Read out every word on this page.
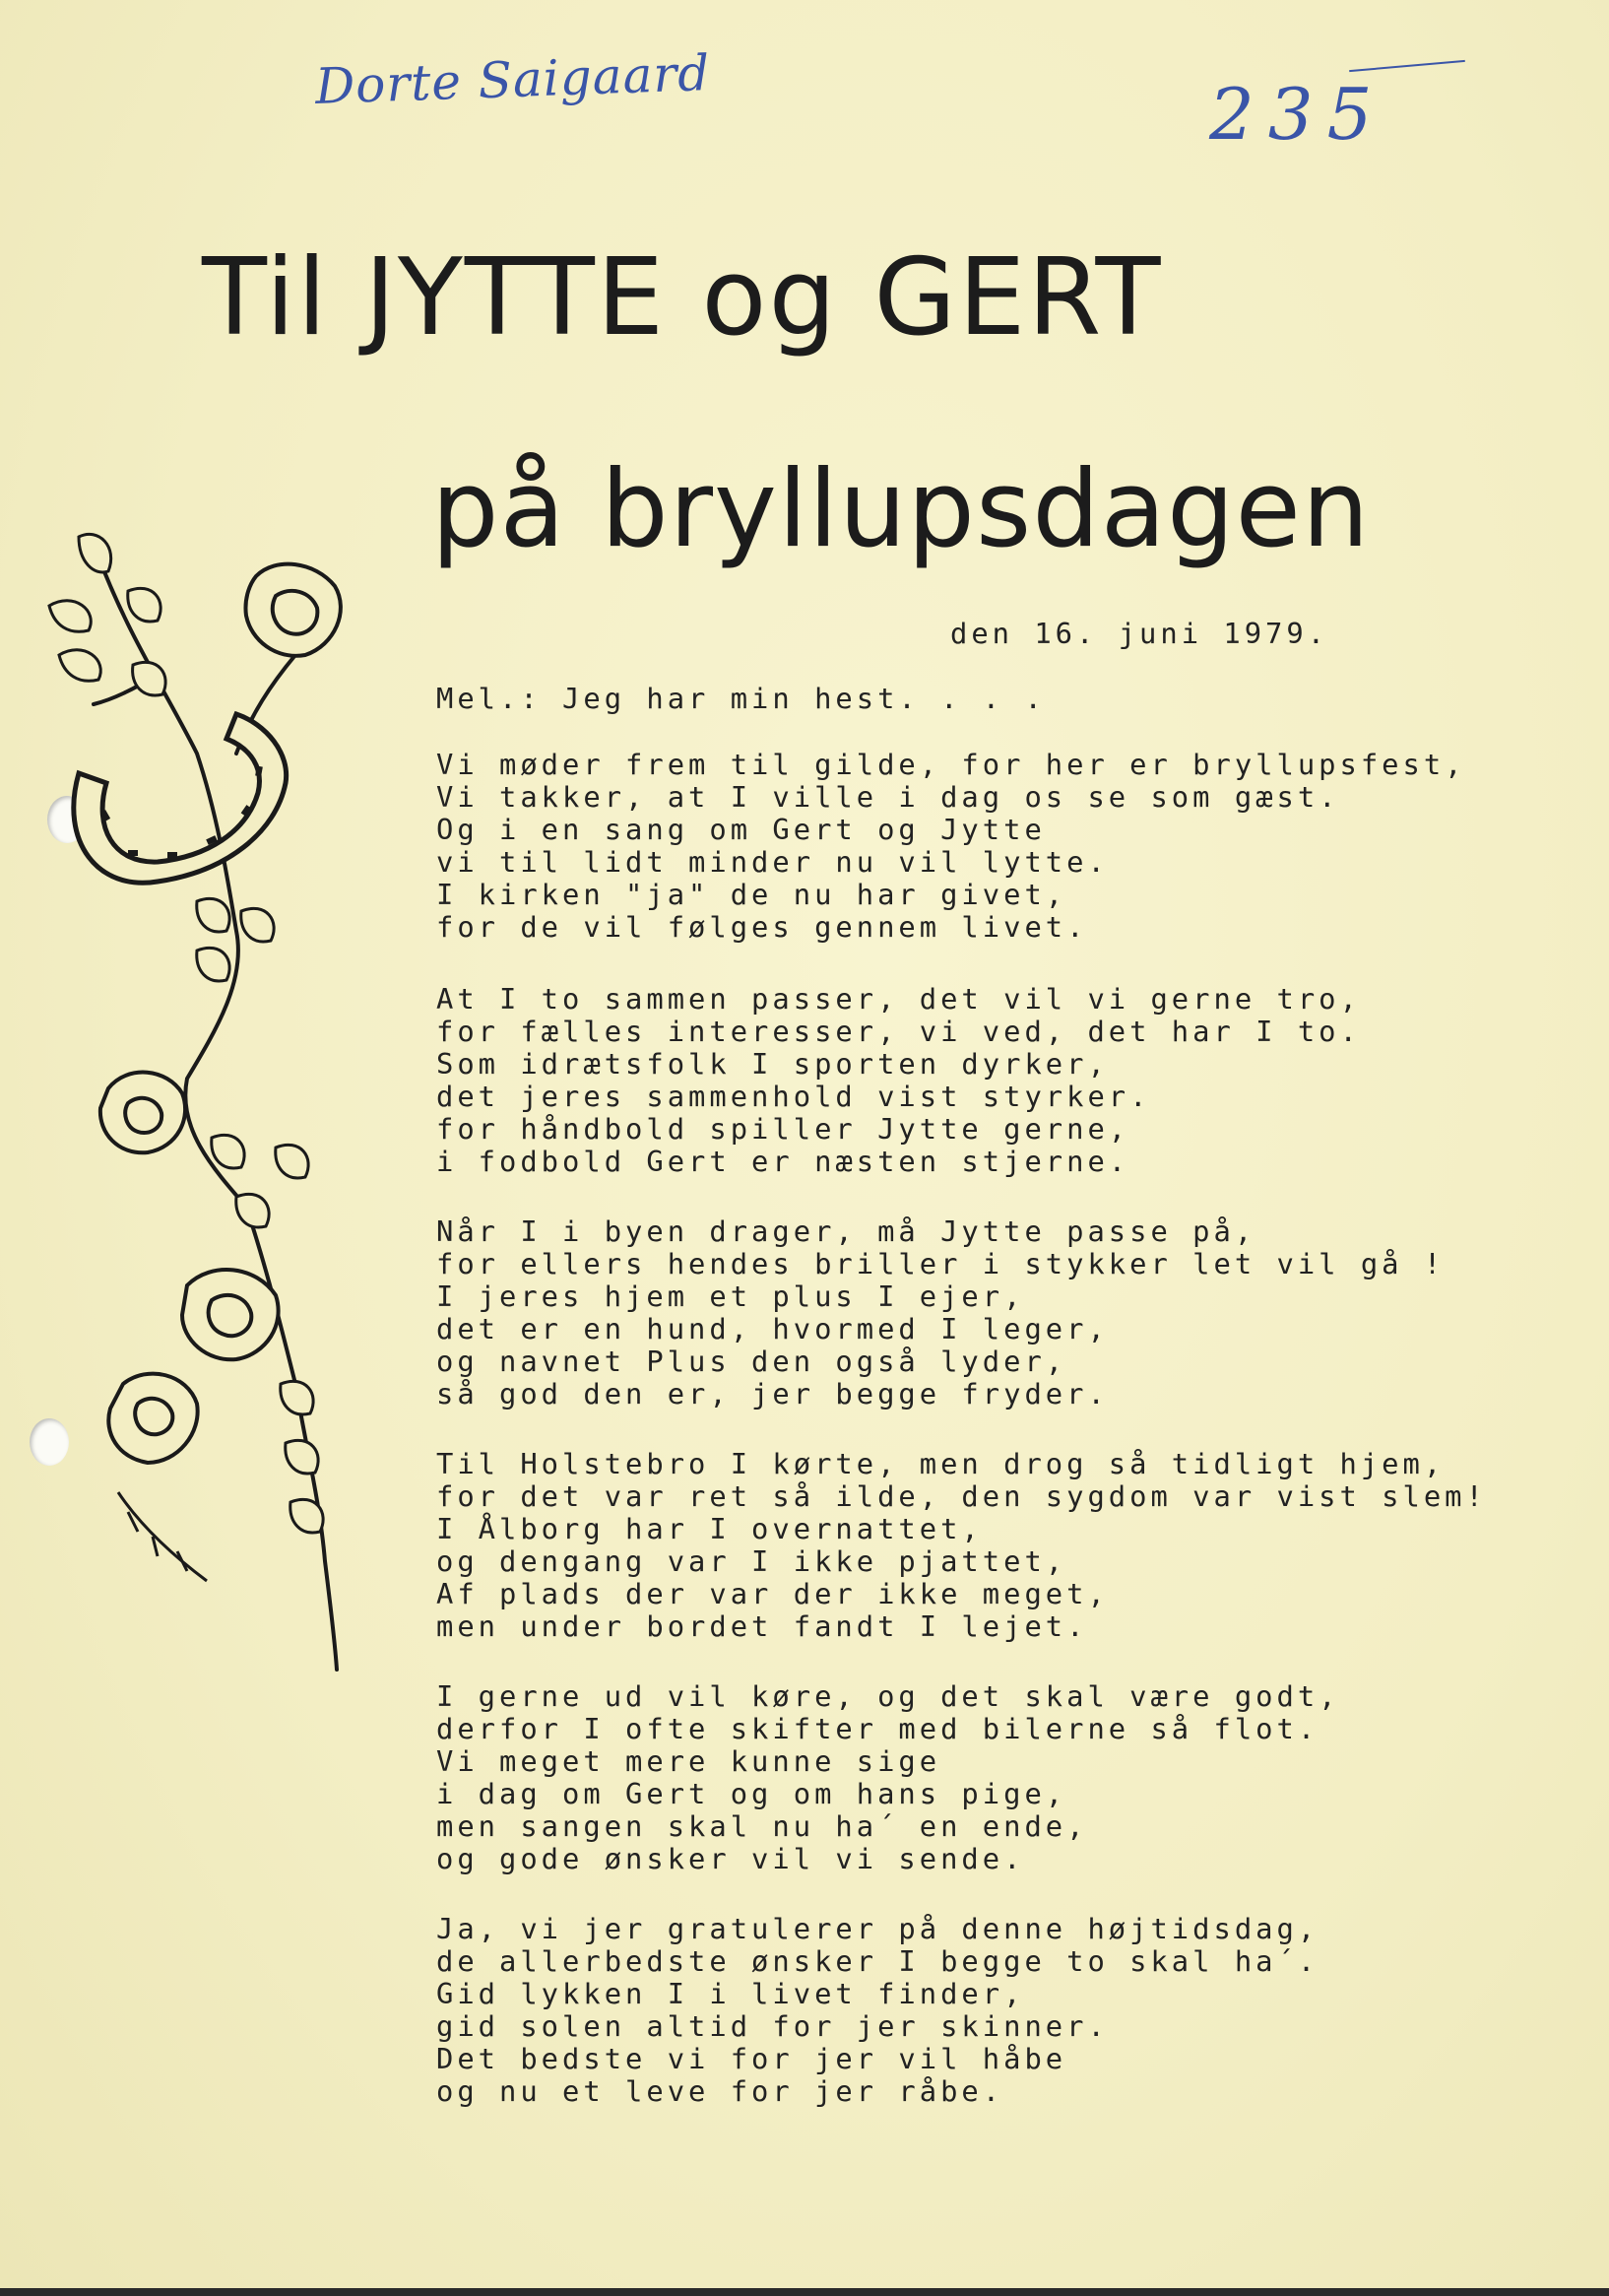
Dorte Saigaard	235
Til JYTTE og GERT
på bryllupsdagen
den 16. juni 1979.
Mel.: Jeg har min hest. . . .
Vi møder frem til gilde, for her er bryllupsfest,
Vi takker, at I ville i dag os se som gæst.
Og i en sang om Gert og Jytte
vi til lidt minder nu vil lytte.
I kirken "ja" de nu har givet,
for de vil følges gennem livet.
At I to sammen passer, det vil vi gerne tro,
for fælles interesser, vi ved, det har I to.
Som idrætsfolk I sporten dyrker,
det jeres sammenhold vist styrker.
for håndbold spiller Jytte gerne,
i fodbold Gert er næsten stjerne.
Når I i byen drager, må Jytte passe på,
for ellers hendes briller i stykker let vil gå !
I jeres hjem et plus I ejer,
det er en hund, hvormed I leger,
og navnet Plus den også lyder,
så god den er, jer begge fryder.
Til Holstebro I kørte, men drog så tidligt hjem,
for det var ret så ilde, den sygdom var vist slem!
I Ålborg har I overnattet,
og dengang var I ikke pjattet,
Af plads der var der ikke meget,
men under bordet fandt I lejet.
I gerne ud vil køre, og det skal være godt,
derfor I ofte skifter med bilerne så flot.
Vi meget mere kunne sige
i dag om Gert og om hans pige,
men sangen skal nu ha´ en ende,
og gode ønsker vil vi sende.
Ja, vi jer gratulerer på denne højtidsdag,
de allerbedste ønsker I begge to skal ha´.
Gid lykken I i livet finder,
gid solen altid for jer skinner.
Det bedste vi for jer vil håbe
og nu et leve for jer råbe.
